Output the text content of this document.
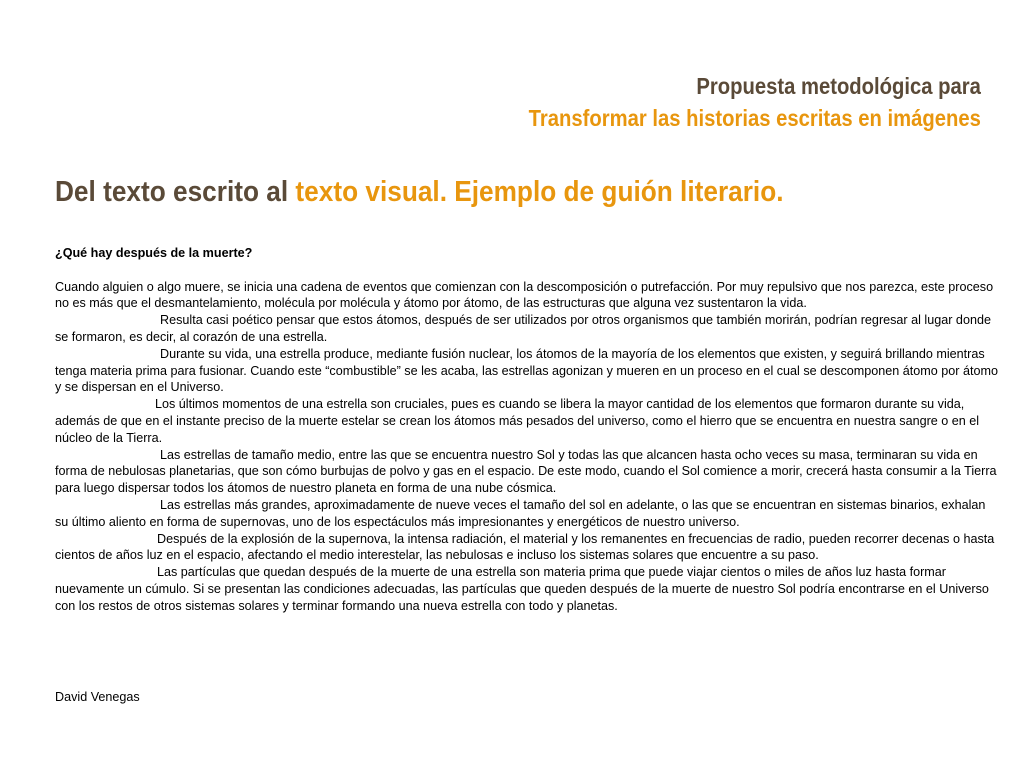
Propuesta metodológica para
Transformar las historias escritas en imágenes
Del texto escrito al texto visual. Ejemplo de guión literario.

¿Qué hay después de la muerte?

Cuando alguien o algo muere, se inicia una cadena de eventos que comienzan con la descomposición o putrefacción. Por muy repulsivo que nos parezca, este proceso no es más que el desmantelamiento, molécula por molécula y átomo por átomo, de las estructuras que alguna vez sustentaron la vida.

Resulta casi poético pensar que estos átomos, después de ser utilizados por otros organismos que también morirán, podrían regresar al lugar donde se formaron, es decir, al corazón de una estrella.

Durante su vida, una estrella produce, mediante fusión nuclear, los átomos de la mayoría de los elementos que existen, y seguirá brillando mientras tenga materia prima para fusionar. Cuando este “combustible” se les acaba, las estrellas agonizan y mueren en un proceso en el cual se descomponen átomo por átomo y se dispersan en el Universo.

Los últimos momentos de una estrella son cruciales, pues es cuando se libera la mayor cantidad de los elementos que formaron durante su vida, además de que en el instante preciso de la muerte estelar se crean los átomos más pesados del universo, como el hierro que se encuentra en nuestra sangre o en el núcleo de la Tierra.

Las estrellas de tamaño medio, entre las que se encuentra nuestro Sol y todas las que alcancen hasta ocho veces su masa, terminaran su vida en forma de nebulosas planetarias, que son cómo burbujas de polvo y gas en el espacio. De este modo, cuando el Sol comience a morir, crecerá hasta consumir a la Tierra para luego dispersar todos los átomos de nuestro planeta en forma de una nube cósmica.

Las estrellas más grandes, aproximadamente de nueve veces el tamaño del sol en adelante, o las que se encuentran en sistemas binarios, exhalan su último aliento en forma de supernovas, uno de los espectáculos más impresionantes y energéticos de nuestro universo.

Después de la explosión de la supernova, la intensa radiación, el material y los remanentes en frecuencias de radio, pueden recorrer decenas o hasta cientos de años luz en el espacio, afectando el medio interestelar, las nebulosas e incluso los sistemas solares que encuentre a su paso.

Las partículas que quedan después de la muerte de una estrella son materia prima que puede viajar cientos o miles de años luz hasta formar nuevamente un cúmulo. Si se presentan las condiciones adecuadas, las partículas que queden después de la muerte de nuestro Sol podría encontrarse en el Universo con los restos de otros sistemas solares y terminar formando una nueva estrella con todo y planetas.

David Venegas
